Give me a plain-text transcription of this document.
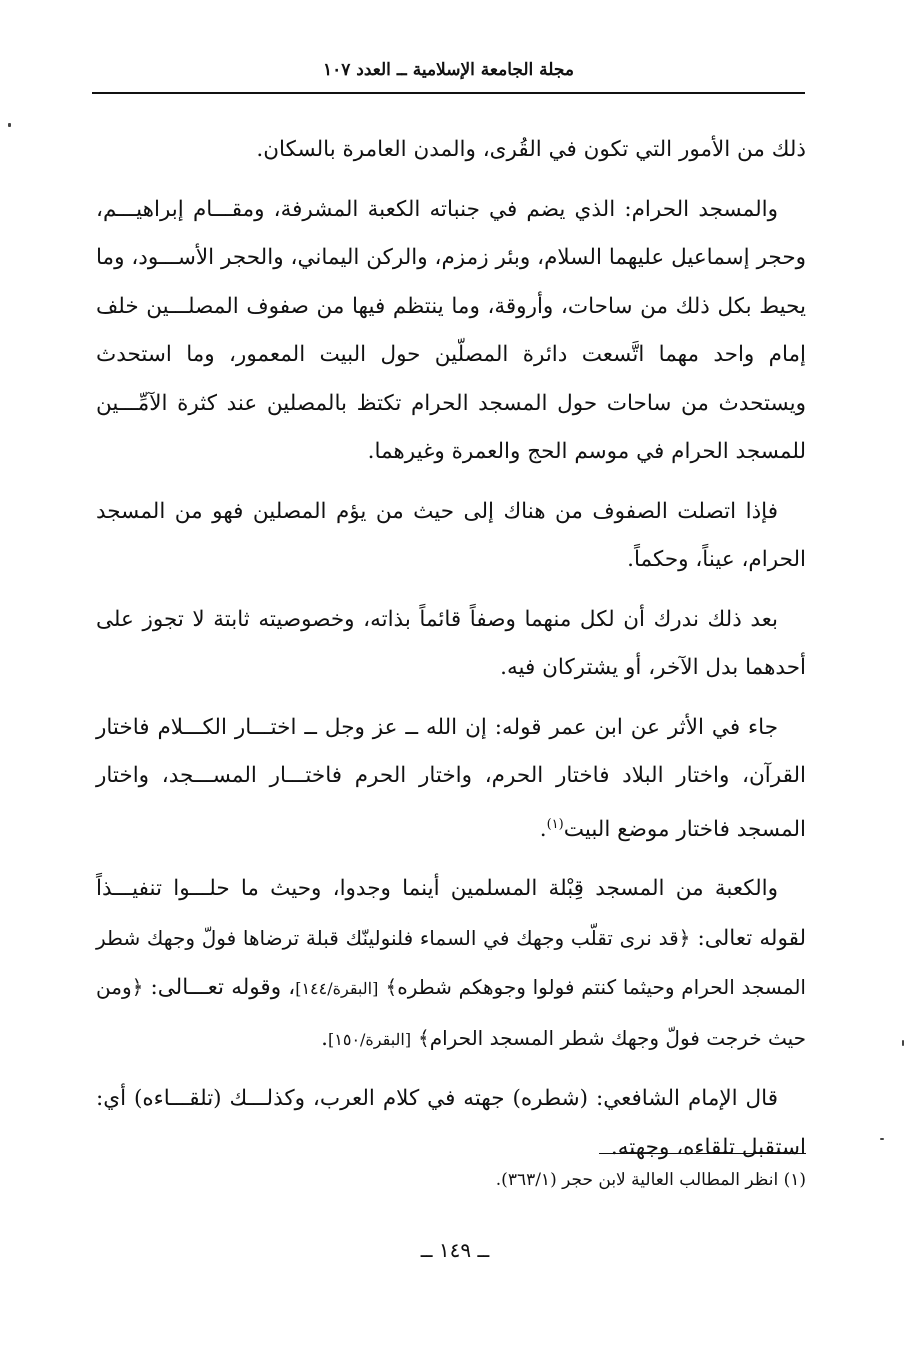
مجلة الجامعة الإسلامية ــ العدد ١٠٧

ذلك من الأمور التي تكون في القُرى، والمدن العامرة بالسكان.

والمسجد الحرام: الذي يضم في جنباته الكعبة المشرفة، ومقـــام إبراهيـــم، وحجر إسماعيل عليهما السلام، وبئر زمزم، والركن اليماني، والحجر الأســـود، وما يحيط بكل ذلك من ساحات، وأروقة، وما ينتظم فيها من صفوف المصلـــين خلف إمام واحد مهما اتَّسعت دائرة المصلّين حول البيت المعمور، وما استحدث ويستحدث من ساحات حول المسجد الحرام تكتظ بالمصلين عند كثرة الآمِّـــين للمسجد الحرام في موسم الحج والعمرة وغيرهما.

فإذا اتصلت الصفوف من هناك إلى حيث من يؤم المصلين فهو من المسجد الحرام، عيناً، وحكماً.

بعد ذلك ندرك أن لكل منهما وصفاً قائماً بذاته، وخصوصيته ثابتة لا تجوز على أحدهما بدل الآخر، أو يشتركان فيه.

جاء في الأثر عن ابن عمر قوله: إن الله ــ عز وجل ــ اختـــار الكـــلام فاختار القرآن، واختار البلاد فاختار الحرم، واختار الحرم فاختـــار المســـجد، واختار المسجد فاختار موضع البيت$^{(١)}$.

والكعبة من المسجد قِبْلة المسلمين أينما وجدوا، وحيث ما حلـــوا تنفيـــذاً لقوله تعالى: ﴿قد نرى تقلّب وجهك في السماء فلنولينّك قبلة ترضاها فولّ وجهك شطر المسجد الحرام وحيثما كنتم فولوا وجوهكم شطره﴾ [البقرة/١٤٤]، وقوله تعـــالى: ﴿ومن حيث خرجت فولّ وجهك شطر المسجد الحرام﴾ [البقرة/١٥٠].

قال الإمام الشافعي: (شطره) جهته في كلام العرب، وكذلـــك (تلقـــاءه) أي: استقبل تلقاءه، وجهته.

(١) انظر المطالب العالية لابن حجر (٣٦٣/١).
ــ ١٤٩ ــ
